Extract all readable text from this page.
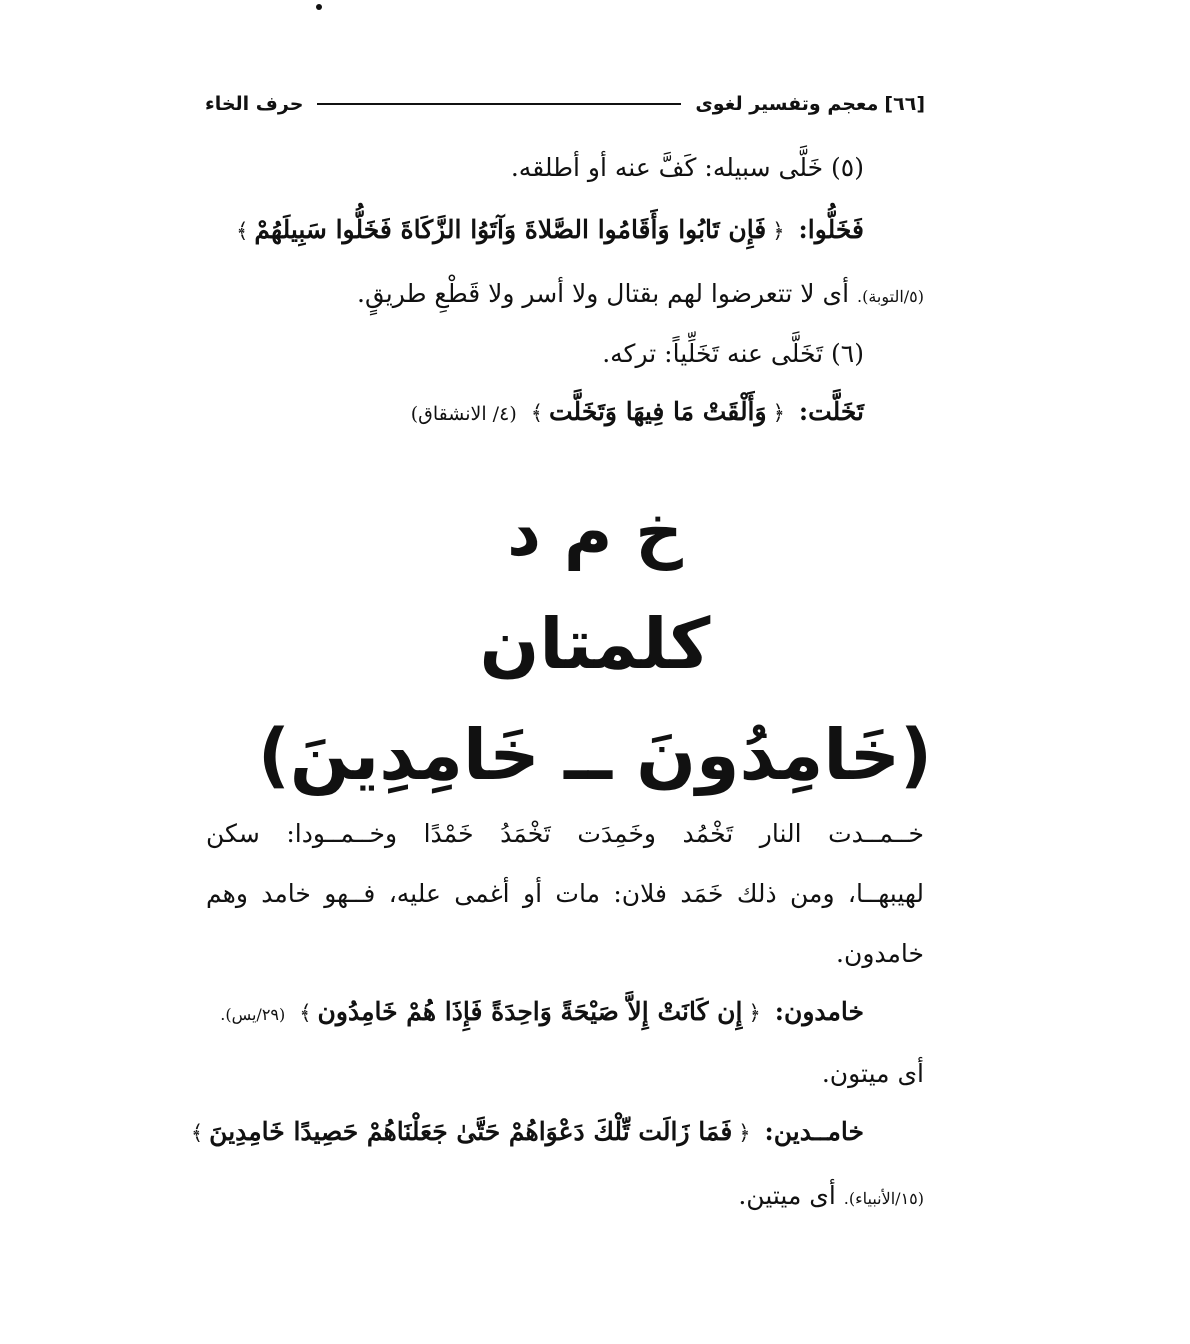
[٦٦]
معجم وتفسير لغوى
حرف الخاء
(٥) خَلَّى سبيله: كَفَّ عنه أو أطلقه.
فَخَلُّوا: ﴿فَإِن تَابُوا وَأَقَامُوا الصَّلاةَ وَآتَوُا الزَّكَاةَ فَخَلُّوا سَبِيلَهُمْ﴾
(٥/التوبة). أى لا تتعرضوا لهم بقتال ولا أسر ولا قَطْعِ طريقٍ.
(٦) تَخَلَّى عنه تَخَلِّياً: تركه.
تَخَلَّت: ﴿وَأَلْقَتْ مَا فِيهَا وَتَخَلَّت﴾ (٤/ الانشقاق)
خ م د
كلمتان
(خَامِدُونَ ــ خَامِدِينَ)
خــمــدت النار تَخْمُد وخَمِدَت تَخْمَدُ خَمْدًا وخــمــودا: سكن
لهيبهــا، ومن ذلك خَمَد فلان: مات أو أغمى عليه، فــهو خامد وهم
خامدون.
خامدون: ﴿إِن كَانَتْ إِلاَّ صَيْحَةً وَاحِدَةً فَإِذَا هُمْ خَامِدُون﴾ (٢٩/يس).
أى ميتون.
خامــدين: ﴿فَمَا زَالَت تِّلْكَ دَعْوَاهُمْ حَتَّىٰ جَعَلْنَاهُمْ حَصِيدًا خَامِدِينَ﴾
(١٥/الأنبياء). أى ميتين.
